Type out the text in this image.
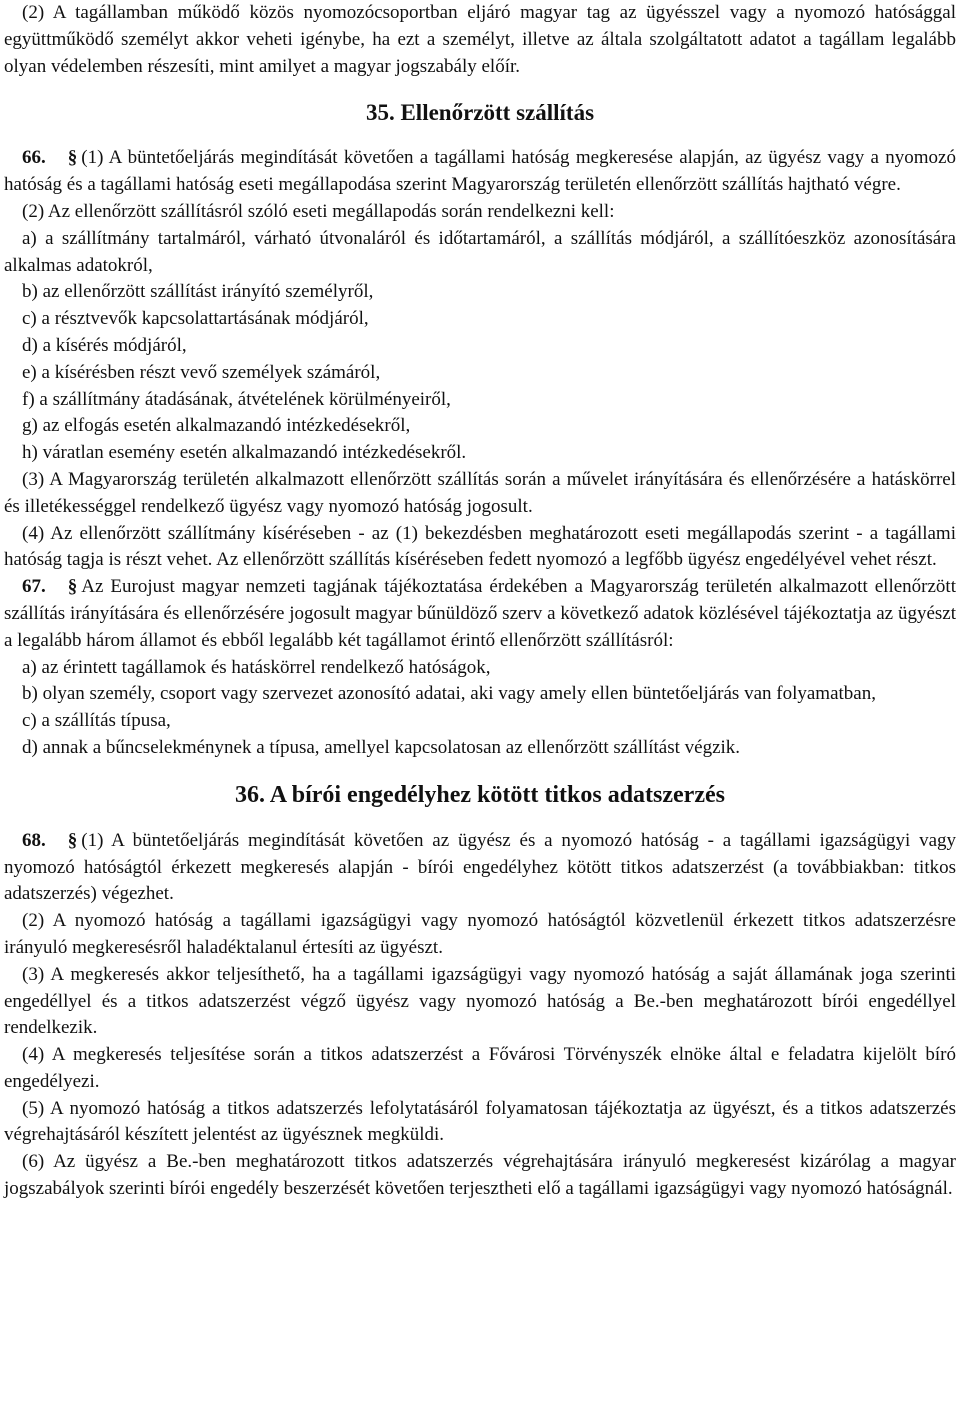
(2) A tagállamban működő közös nyomozócsoportban eljáró magyar tag az ügyésszel vagy a nyomozó hatósággal együttműködő személyt akkor veheti igénybe, ha ezt a személyt, illetve az általa szolgáltatott adatot a tagállam legalább olyan védelemben részesíti, mint amilyet a magyar jogszabály előír.

35. Ellenőrzött szállítás

66. § (1) A büntetőeljárás megindítását követően a tagállami hatóság megkeresése alapján, az ügyész vagy a nyomozó hatóság és a tagállami hatóság eseti megállapodása szerint Magyarország területén ellenőrzött szállítás hajtható végre.

(2) Az ellenőrzött szállításról szóló eseti megállapodás során rendelkezni kell:

a) a szállítmány tartalmáról, várható útvonaláról és időtartamáról, a szállítás módjáról, a szállítóeszköz azonosítására alkalmas adatokról,

b) az ellenőrzött szállítást irányító személyről,

c) a résztvevők kapcsolattartásának módjáról,

d) a kísérés módjáról,

e) a kísérésben részt vevő személyek számáról,

f) a szállítmány átadásának, átvételének körülményeiről,

g) az elfogás esetén alkalmazandó intézkedésekről,

h) váratlan esemény esetén alkalmazandó intézkedésekről.

(3) A Magyarország területén alkalmazott ellenőrzött szállítás során a művelet irányítására és ellenőrzésére a hatáskörrel és illetékességgel rendelkező ügyész vagy nyomozó hatóság jogosult.

(4) Az ellenőrzött szállítmány kíséréseben - az (1) bekezdésben meghatározott eseti megállapodás szerint - a tagállami hatóság tagja is részt vehet. Az ellenőrzött szállítás kíséréseben fedett nyomozó a legfőbb ügyész engedélyével vehet részt.

67. § Az Eurojust magyar nemzeti tagjának tájékoztatása érdekében a Magyarország területén alkalmazott ellenőrzött szállítás irányítására és ellenőrzésére jogosult magyar bűnüldöző szerv a következő adatok közlésével tájékoztatja az ügyészt a legalább három államot és ebből legalább két tagállamot érintő ellenőrzött szállításról:

a) az érintett tagállamok és hatáskörrel rendelkező hatóságok,

b) olyan személy, csoport vagy szervezet azonosító adatai, aki vagy amely ellen büntetőeljárás van folyamatban,

c) a szállítás típusa,

d) annak a bűncselekménynek a típusa, amellyel kapcsolatosan az ellenőrzött szállítást végzik.

36. A bírói engedélyhez kötött titkos adatszerzés

68. § (1) A büntetőeljárás megindítását követően az ügyész és a nyomozó hatóság - a tagállami igazságügyi vagy nyomozó hatóságtól érkezett megkeresés alapján - bírói engedélyhez kötött titkos adatszerzést (a továbbiakban: titkos adatszerzés) végezhet.

(2) A nyomozó hatóság a tagállami igazságügyi vagy nyomozó hatóságtól közvetlenül érkezett titkos adatszerzésre irányuló megkeresésről haladéktalanul értesíti az ügyészt.

(3) A megkeresés akkor teljesíthető, ha a tagállami igazságügyi vagy nyomozó hatóság a saját államának joga szerinti engedéllyel és a titkos adatszerzést végző ügyész vagy nyomozó hatóság a Be.-ben meghatározott bírói engedéllyel rendelkezik.

(4) A megkeresés teljesítése során a titkos adatszerzést a Fővárosi Törvényszék elnöke által e feladatra kijelölt bíró engedélyezi.

(5) A nyomozó hatóság a titkos adatszerzés lefolytatásáról folyamatosan tájékoztatja az ügyészt, és a titkos adatszerzés végrehajtásáról készített jelentést az ügyésznek megküldi.

(6) Az ügyész a Be.-ben meghatározott titkos adatszerzés végrehajtására irányuló megkeresést kizárólag a magyar jogszabályok szerinti bírói engedély beszerzését követően terjesztheti elő a tagállami igazságügyi vagy nyomozó hatóságnál.
